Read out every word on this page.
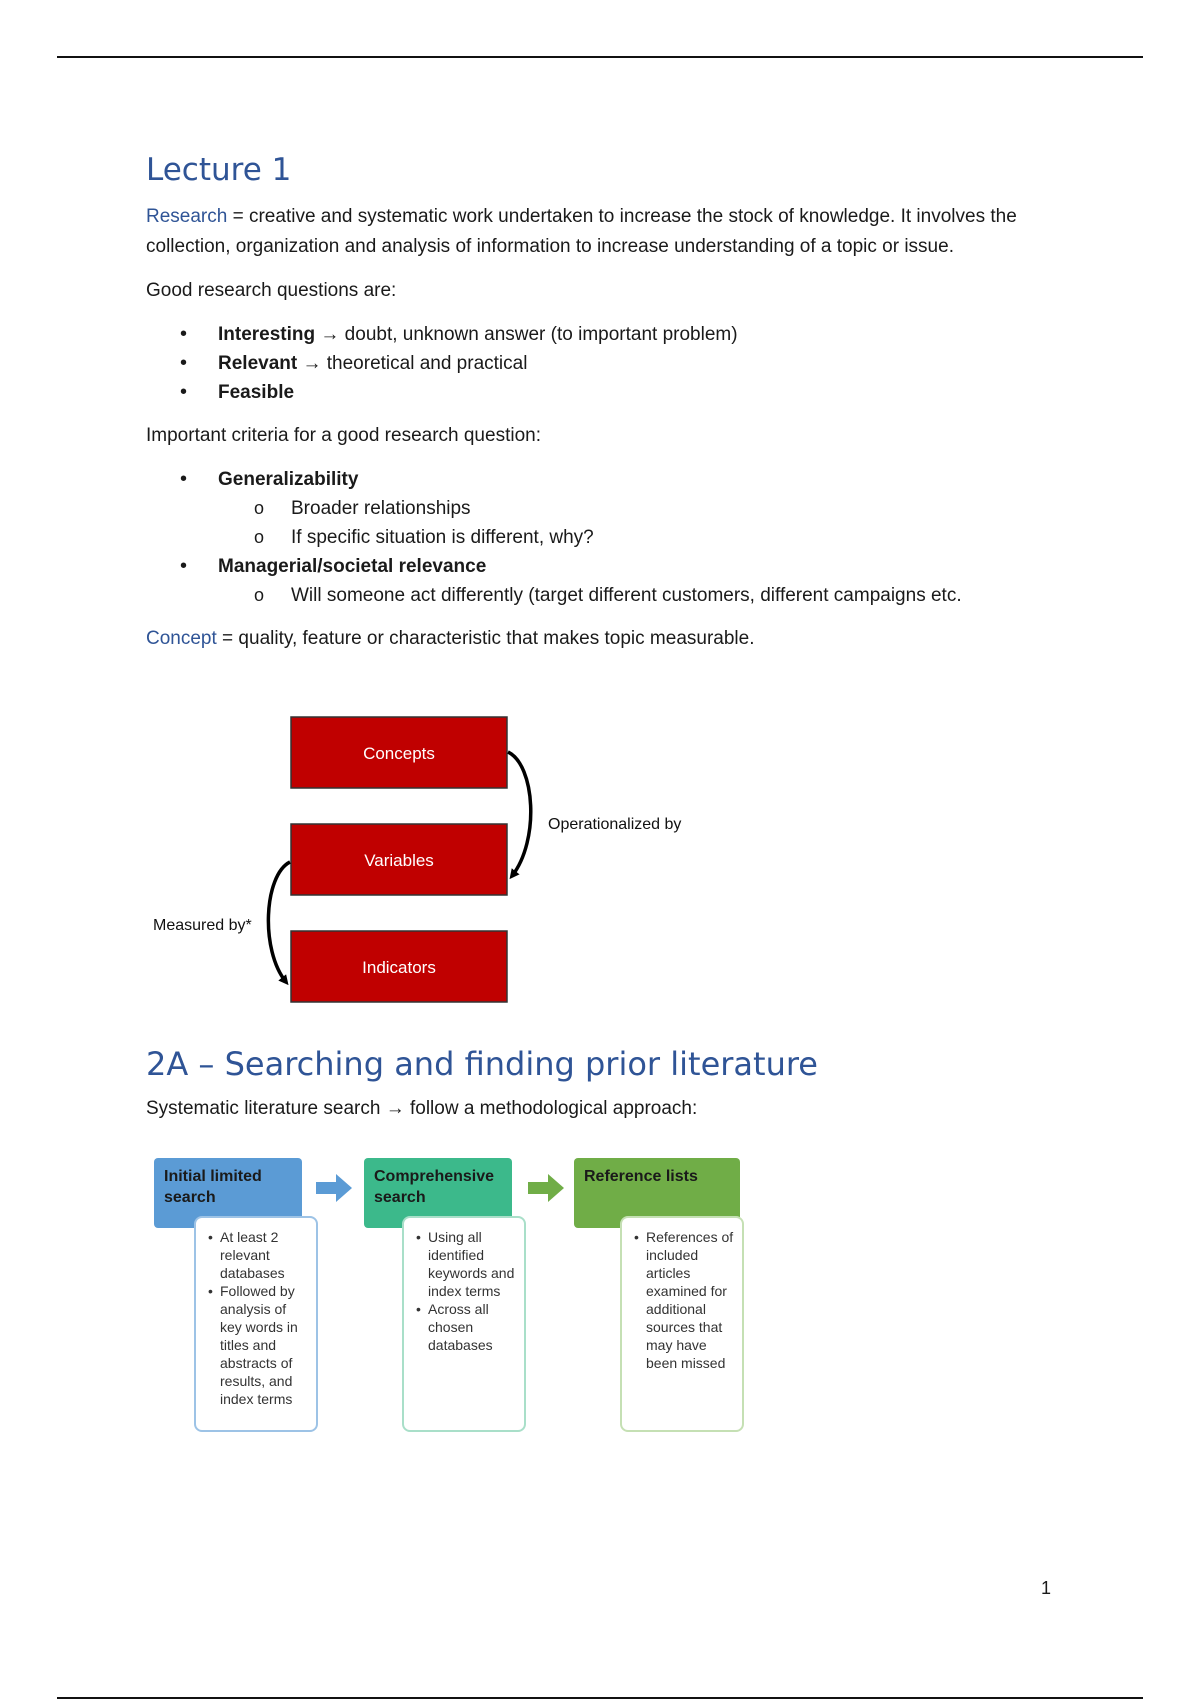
Lecture 1

Research = creative and systematic work undertaken to increase the stock of knowledge. It involves the collection, organization and analysis of information to increase understanding of a topic or issue.

Good research questions are:

• Interesting → doubt, unknown answer (to important problem)
• Relevant → theoretical and practical
• Feasible

Important criteria for a good research question:

• Generalizability
o Broader relationships
o If specific situation is different, why?
• Managerial/societal relevance
o Will someone act differently (target different customers, different campaigns etc.

Concept = quality, feature or characteristic that makes topic measurable.

Concepts
Variables
Indicators
Operationalized by
Measured by*
2A – Searching and finding prior literature

Systematic literature search → follow a methodological approach:

Initial limited search
• At least 2 relevant databases
• Followed by analysis of key words in titles and abstracts of results, and index terms
Comprehensive search
• Using all identified keywords and index terms
• Across all chosen databases
Reference lists
• References of included articles examined for additional sources that may have been missed
1
